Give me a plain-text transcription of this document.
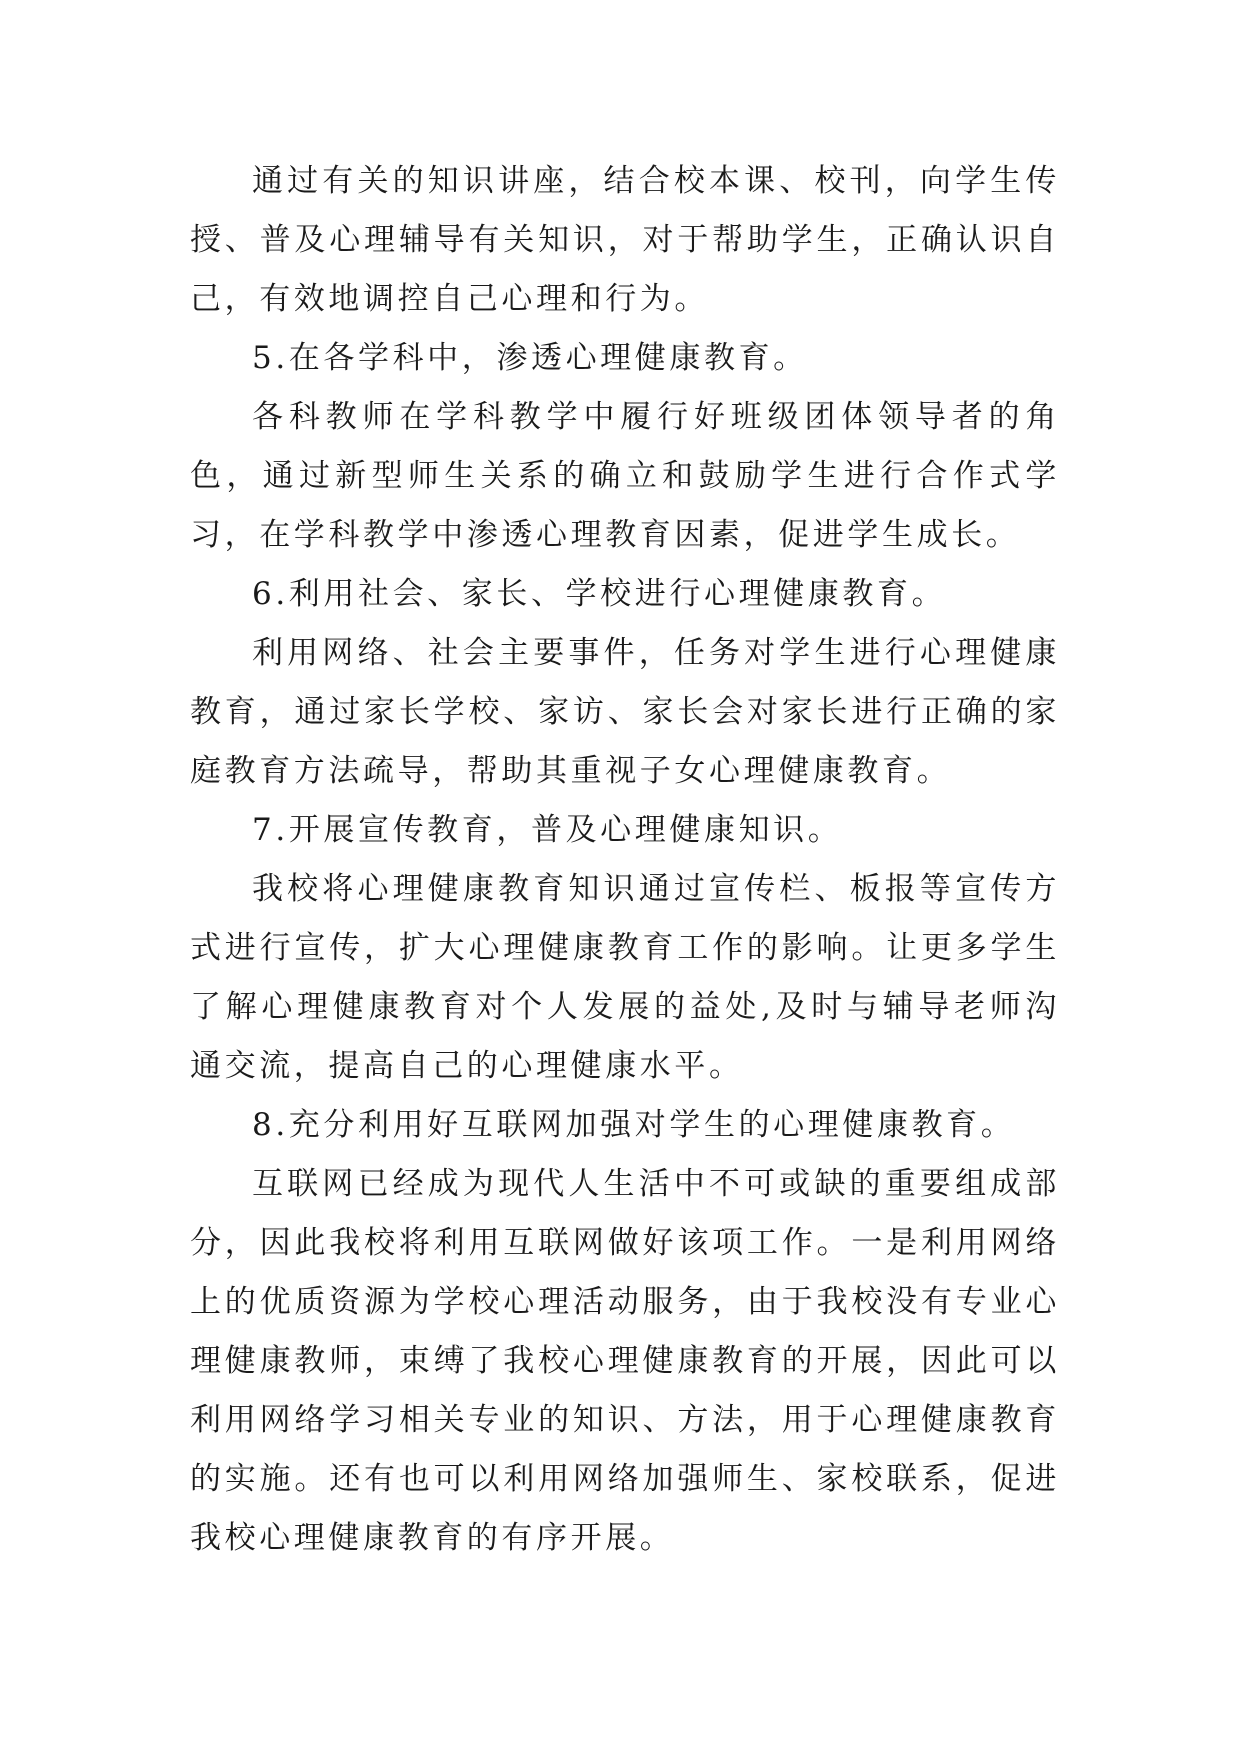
通过有关的知识讲座，结合校本课、校刊，向学生传授、普及心理辅导有关知识，对于帮助学生，正确认识自己，有效地调控自己心理和行为。

5.在各学科中，渗透心理健康教育。

各科教师在学科教学中履行好班级团体领导者的角色，通过新型师生关系的确立和鼓励学生进行合作式学习，在学科教学中渗透心理教育因素，促进学生成长。

6.利用社会、家长、学校进行心理健康教育。

利用网络、社会主要事件，任务对学生进行心理健康教育，通过家长学校、家访、家长会对家长进行正确的家庭教育方法疏导，帮助其重视子女心理健康教育。

7.开展宣传教育，普及心理健康知识。

我校将心理健康教育知识通过宣传栏、板报等宣传方式进行宣传，扩大心理健康教育工作的影响。让更多学生了解心理健康教育对个人发展的益处,及时与辅导老师沟通交流，提高自己的心理健康水平。

8.充分利用好互联网加强对学生的心理健康教育。

互联网已经成为现代人生活中不可或缺的重要组成部分，因此我校将利用互联网做好该项工作。一是利用网络上的优质资源为学校心理活动服务，由于我校没有专业心理健康教师，束缚了我校心理健康教育的开展，因此可以利用网络学习相关专业的知识、方法，用于心理健康教育的实施。还有也可以利用网络加强师生、家校联系，促进我校心理健康教育的有序开展。
